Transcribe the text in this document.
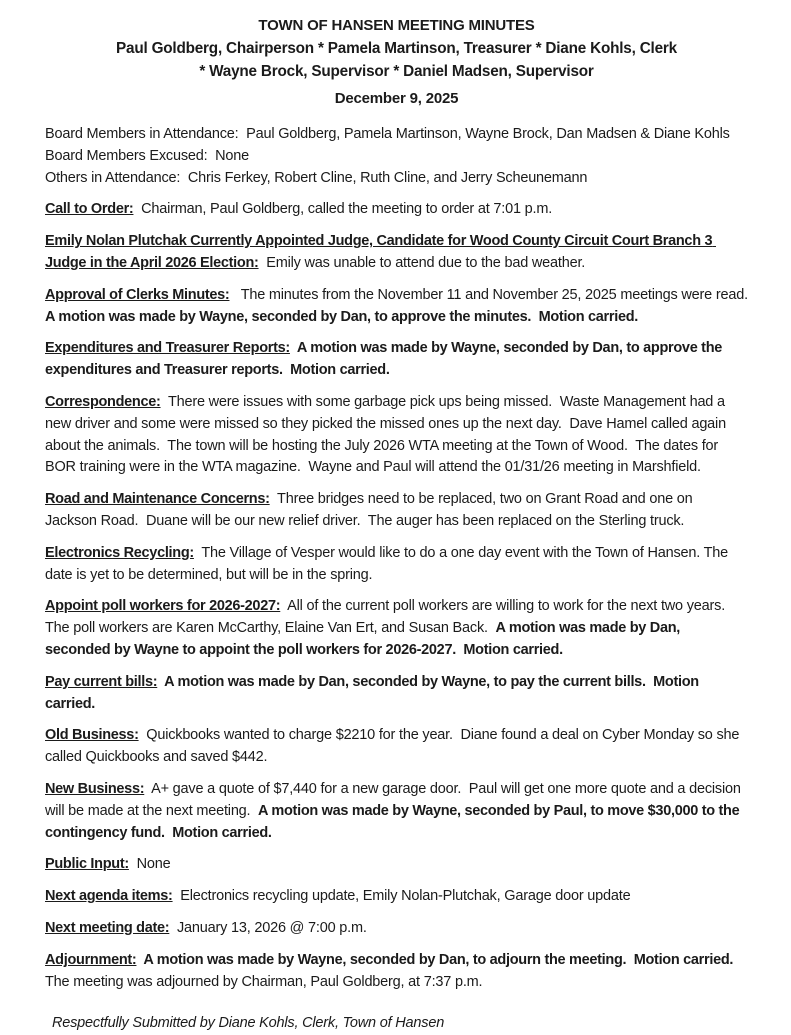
TOWN OF HANSEN MEETING MINUTES
Paul Goldberg, Chairperson * Pamela Martinson, Treasurer * Diane Kohls, Clerk
* Wayne Brock, Supervisor * Daniel Madsen, Supervisor
December 9, 2025
Board Members in Attendance:  Paul Goldberg, Pamela Martinson, Wayne Brock, Dan Madsen & Diane Kohls
Board Members Excused:  None
Others in Attendance:  Chris Ferkey, Robert Cline, Ruth Cline, and Jerry Scheunemann

Call to Order:  Chairman, Paul Goldberg, called the meeting to order at 7:01 p.m.

Emily Nolan Plutchak Currently Appointed Judge, Candidate for Wood County Circuit Court Branch 3 Judge in the April 2026 Election:  Emily was unable to attend due to the bad weather.

Approval of Clerks Minutes:   The minutes from the November 11 and November 25, 2025 meetings were read.  A motion was made by Wayne, seconded by Dan, to approve the minutes.  Motion carried.

Expenditures and Treasurer Reports:  A motion was made by Wayne, seconded by Dan, to approve the expenditures and Treasurer reports.  Motion carried.

Correspondence:  There were issues with some garbage pick ups being missed.  Waste Management had a new driver and some were missed so they picked the missed ones up the next day.  Dave Hamel called again about the animals.  The town will be hosting the July 2026 WTA meeting at the Town of Wood.  The dates for BOR training were in the WTA magazine.  Wayne and Paul will attend the 01/31/26 meeting in Marshfield.

Road and Maintenance Concerns:  Three bridges need to be replaced, two on Grant Road and one on Jackson Road.  Duane will be our new relief driver.  The auger has been replaced on the Sterling truck.

Electronics Recycling:  The Village of Vesper would like to do a one day event with the Town of Hansen. The date is yet to be determined, but will be in the spring.

Appoint poll workers for 2026-2027:  All of the current poll workers are willing to work for the next two years. The poll workers are Karen McCarthy, Elaine Van Ert, and Susan Back.  A motion was made by Dan, seconded by Wayne to appoint the poll workers for 2026-2027.  Motion carried.

Pay current bills:  A motion was made by Dan, seconded by Wayne, to pay the current bills.  Motion carried.

Old Business:  Quickbooks wanted to charge $2210 for the year.  Diane found a deal on Cyber Monday so she called Quickbooks and saved $442.

New Business:  A+ gave a quote of $7,440 for a new garage door.  Paul will get one more quote and a decision will be made at the next meeting.  A motion was made by Wayne, seconded by Paul, to move $30,000 to the contingency fund.  Motion carried.

Public Input:  None

Next agenda items:  Electronics recycling update, Emily Nolan-Plutchak, Garage door update

Next meeting date:  January 13, 2026 @ 7:00 p.m.

Adjournment:  A motion was made by Wayne, seconded by Dan, to adjourn the meeting.  Motion carried.  The meeting was adjourned by Chairman, Paul Goldberg, at 7:37 p.m.

Respectfully Submitted by Diane Kohls, Clerk, Town of Hansen
